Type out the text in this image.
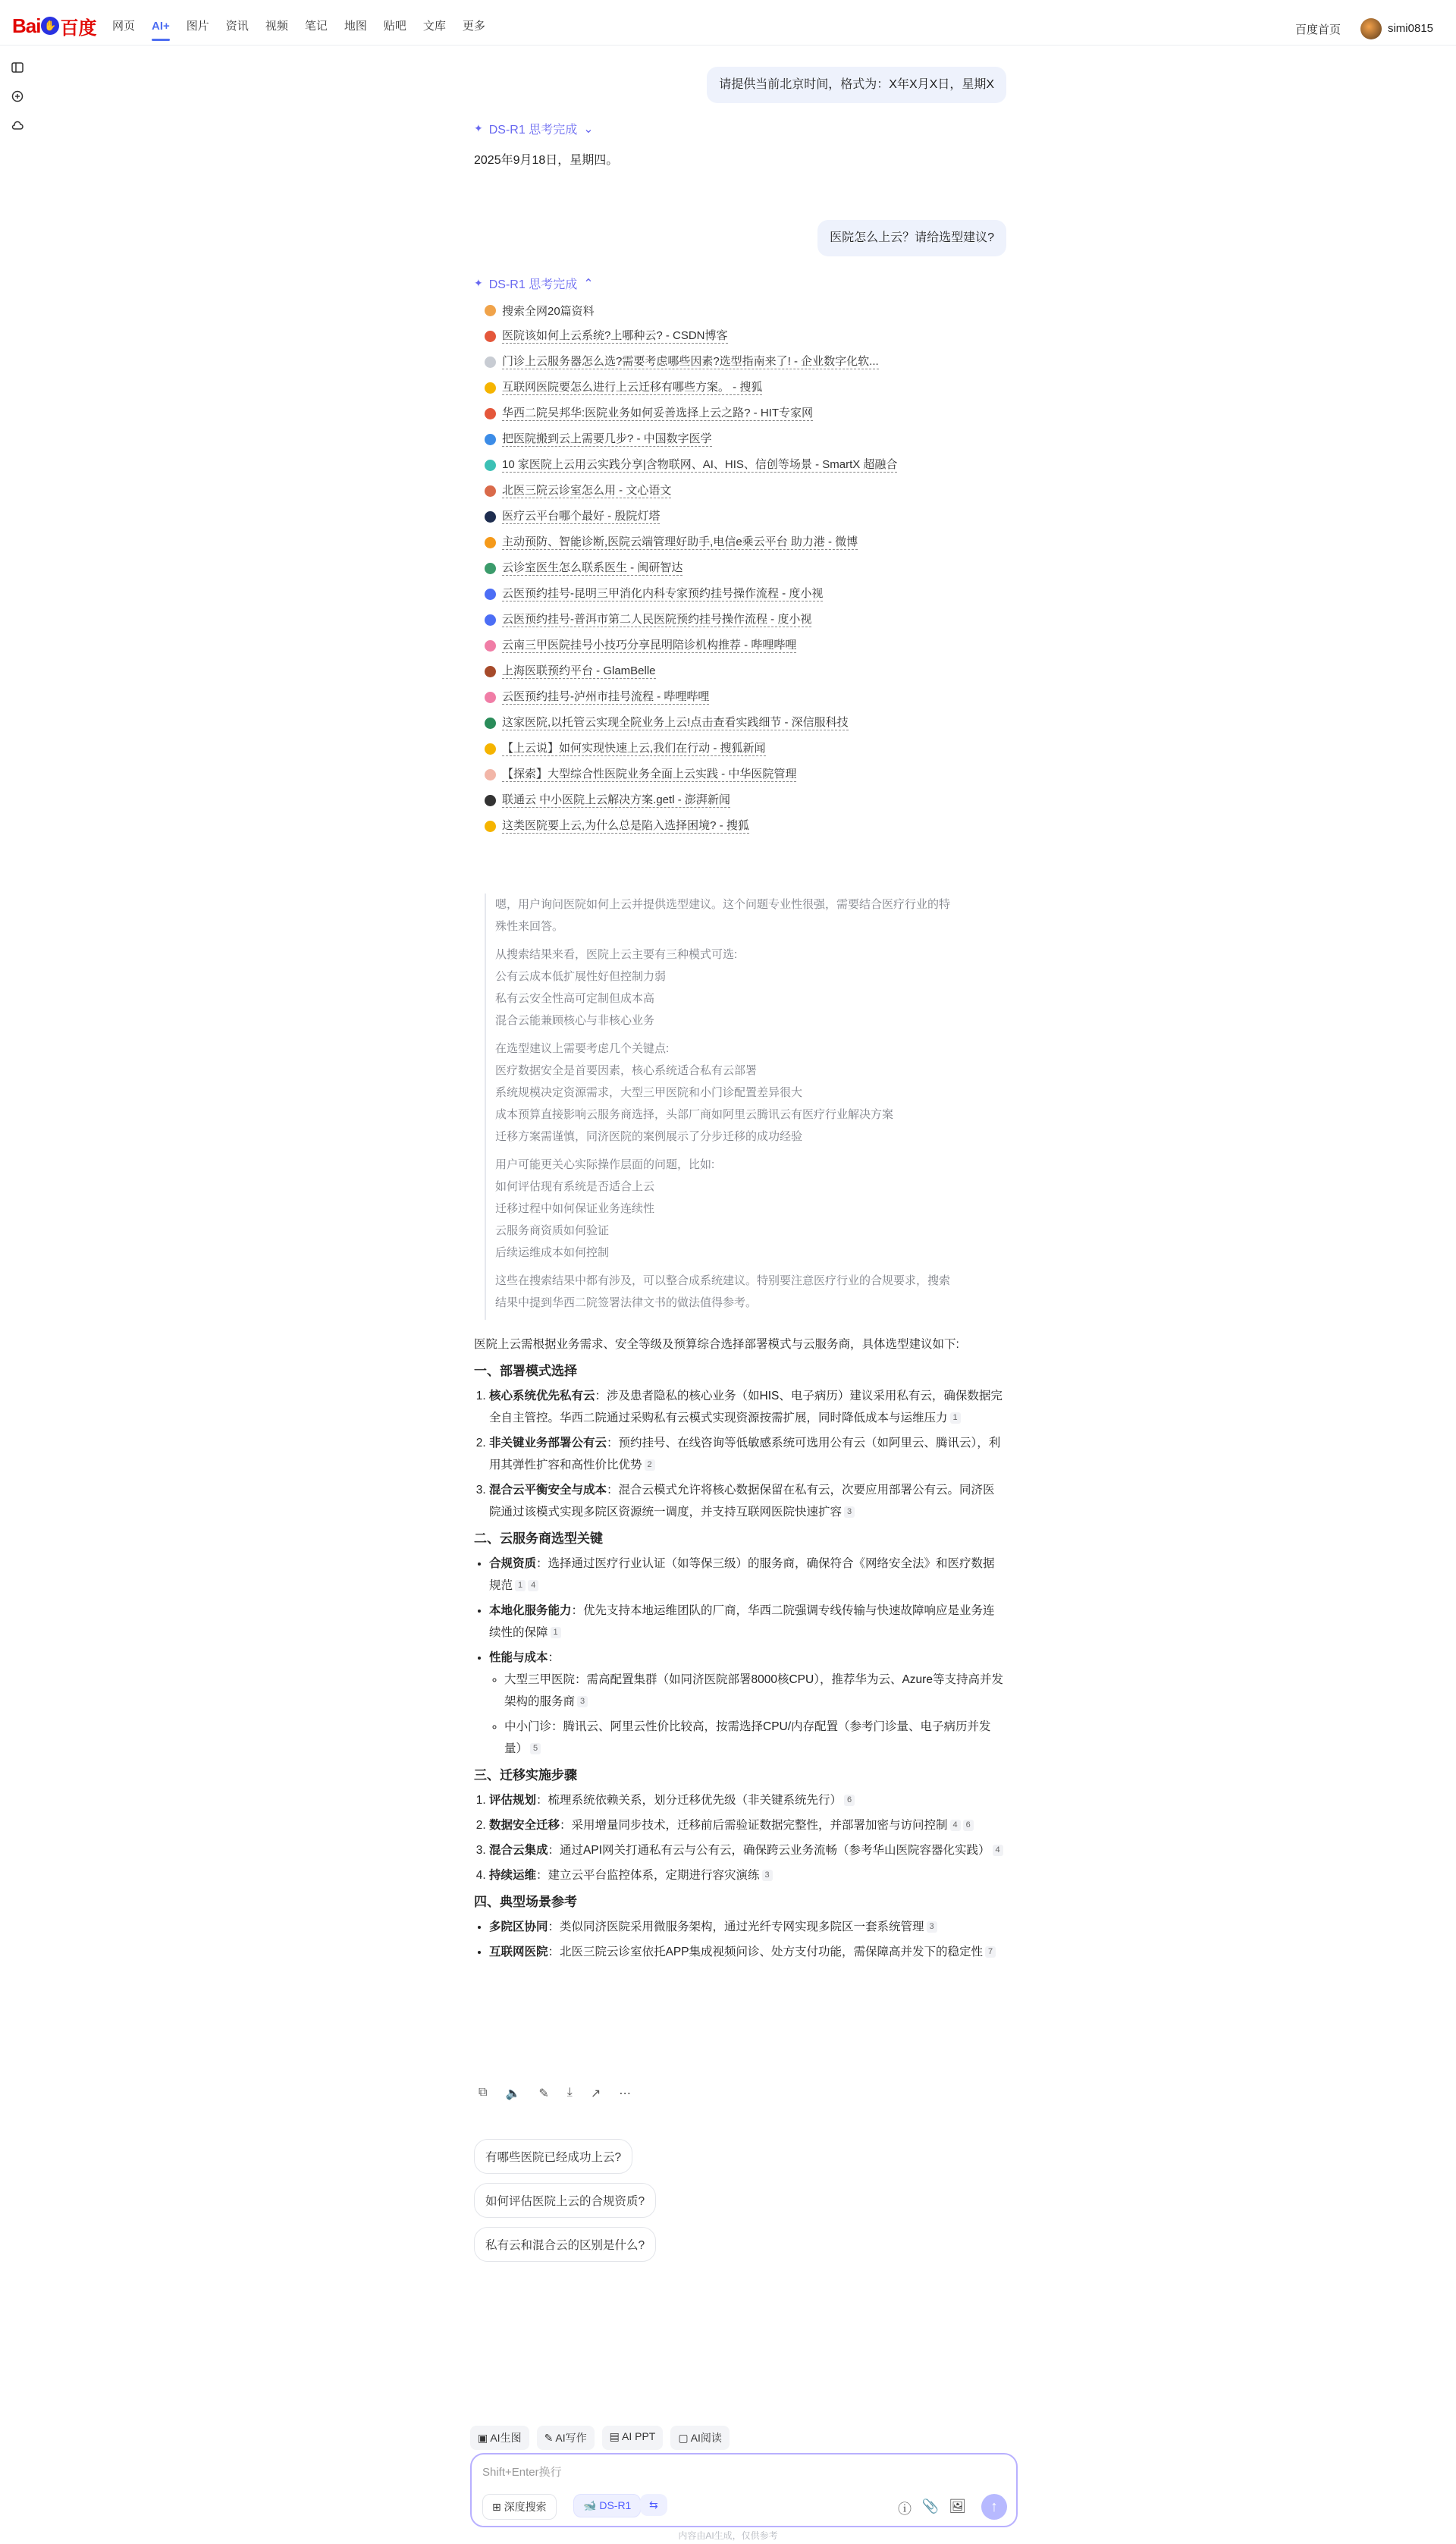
Bai ✋ 百度 网页 AI+ 图片 资讯 视频 笔记 地图 贴吧 文库 更多	百度首页	simi0815
请提供当前北京时间，格式为：X年X月X日，星期X
✦ DS-R1 思考完成 ⌄
2025年9月18日，星期四。
医院怎么上云？请给选型建议?
✦ DS-R1 思考完成 ⌃
搜索全网20篇资料
医院该如何上云系统?上哪种云? - CSDN博客
门诊上云服务器怎么选?需要考虑哪些因素?选型指南来了! - 企业数字化软...
互联网医院要怎么进行上云迁移有哪些方案。 - 搜狐
华西二院吴邦华:医院业务如何妥善选择上云之路? - HIT专家网
把医院搬到云上需要几步? - 中国数字医学
10 家医院上云用云实践分享|含物联网、AI、HIS、信创等场景 - SmartX 超融合
北医三院云诊室怎么用 - 文心语文
医疗云平台哪个最好 - 殷院灯塔
主动预防、智能诊断,医院云端管理好助手,电信e乘云平台 助力港 - 微博
云诊室医生怎么联系医生 - 闽研智达
云医预约挂号-昆明三甲消化内科专家预约挂号操作流程 - 度小视
云医预约挂号-普洱市第二人民医院预约挂号操作流程 - 度小视
云南三甲医院挂号小技巧分享昆明陪诊机构推荐 - 哔哩哔哩
上海医联预约平台 - GlamBelle
云医预约挂号-泸州市挂号流程 - 哔哩哔哩
这家医院,以托管云实现全院业务上云!点击查看实践细节 - 深信服科技
【上云说】如何实现快速上云,我们在行动 - 搜狐新闻
【探索】大型综合性医院业务全面上云实践 - 中华医院管理
联通云 中小医院上云解决方案.getl - 澎湃新闻
这类医院要上云,为什么总是陷入选择困境? - 搜狐

嗯，用户询问医院如何上云并提供选型建议。这个问题专业性很强，需要结合医疗行业的特
殊性来回答。

从搜索结果来看，医院上云主要有三种模式可选:
公有云成本低扩展性好但控制力弱
私有云安全性高可定制但成本高
混合云能兼顾核心与非核心业务

在选型建议上需要考虑几个关键点:
医疗数据安全是首要因素，核心系统适合私有云部署
系统规模决定资源需求，大型三甲医院和小门诊配置差异很大
成本预算直接影响云服务商选择，头部厂商如阿里云腾讯云有医疗行业解决方案
迁移方案需谨慎，同济医院的案例展示了分步迁移的成功经验

用户可能更关心实际操作层面的问题，比如:
如何评估现有系统是否适合上云
迁移过程中如何保证业务连续性
云服务商资质如何验证
后续运维成本如何控制

这些在搜索结果中都有涉及，可以整合成系统建议。特别要注意医疗行业的合规要求，搜索
结果中提到华西二院签署法律文书的做法值得参考。

医院上云需根据业务需求、安全等级及预算综合选择部署模式与云服务商，具体选型建议如下:

一、部署模式选择
1. 核心系统优先私有云：涉及患者隐私的核心业务（如HIS、电子病历）建议采用私有云，确保数据完全自主管控。华西二院通过采购私有云模式实现资源按需扩展，同时降低成本与运维压力 1
2. 非关键业务部署公有云：预约挂号、在线咨询等低敏感系统可选用公有云（如阿里云、腾讯云），利用其弹性扩容和高性价比优势 2
3. 混合云平衡安全与成本：混合云模式允许将核心数据保留在私有云，次要应用部署公有云。同济医院通过该模式实现多院区资源统一调度，并支持互联网医院快速扩容 3
二、云服务商选型关键
• 合规资质：选择通过医疗行业认证（如等保三级）的服务商，确保符合《网络安全法》和医疗数据规范 1 4
• 本地化服务能力：优先支持本地运维团队的厂商，华西二院强调专线传输与快速故障响应是业务连续性的保障 1
• 性能与成本：
◦ 大型三甲医院：需高配置集群（如同济医院部署8000核CPU），推荐华为云、Azure等支持高并发架构的服务商 3
◦ 中小门诊：腾讯云、阿里云性价比较高，按需选择CPU/内存配置（参考门诊量、电子病历并发量） 5
三、迁移实施步骤
1. 评估规划：梳理系统依赖关系，划分迁移优先级（非关键系统先行） 6
2. 数据安全迁移：采用增量同步技术，迁移前后需验证数据完整性，并部署加密与访问控制 4 6
3. 混合云集成：通过API网关打通私有云与公有云，确保跨云业务流畅（参考华山医院容器化实践） 4
4. 持续运维：建立云平台监控体系，定期进行容灾演练 3
四、典型场景参考
• 多院区协同：类似同济医院采用微服务架构，通过光纤专网实现多院区一套系统管理 3
• 互联网医院：北医三院云诊室依托APP集成视频问诊、处方支付功能，需保障高并发下的稳定性 7
⧉ 🔈 ✎ ⤓ ↗ ⋯
有哪些医院已经成功上云?
如何评估医院上云的合规资质?
私有云和混合云的区别是什么?
▣ AI生图	✎ AI写作	▤ AI PPT	▢ AI阅读
Shift+Enter换行
⊞ 深度搜索	🐋 DS-R1	⇆	ⓘ 📎 🖼	↑
内容由AI生成，仅供参考
